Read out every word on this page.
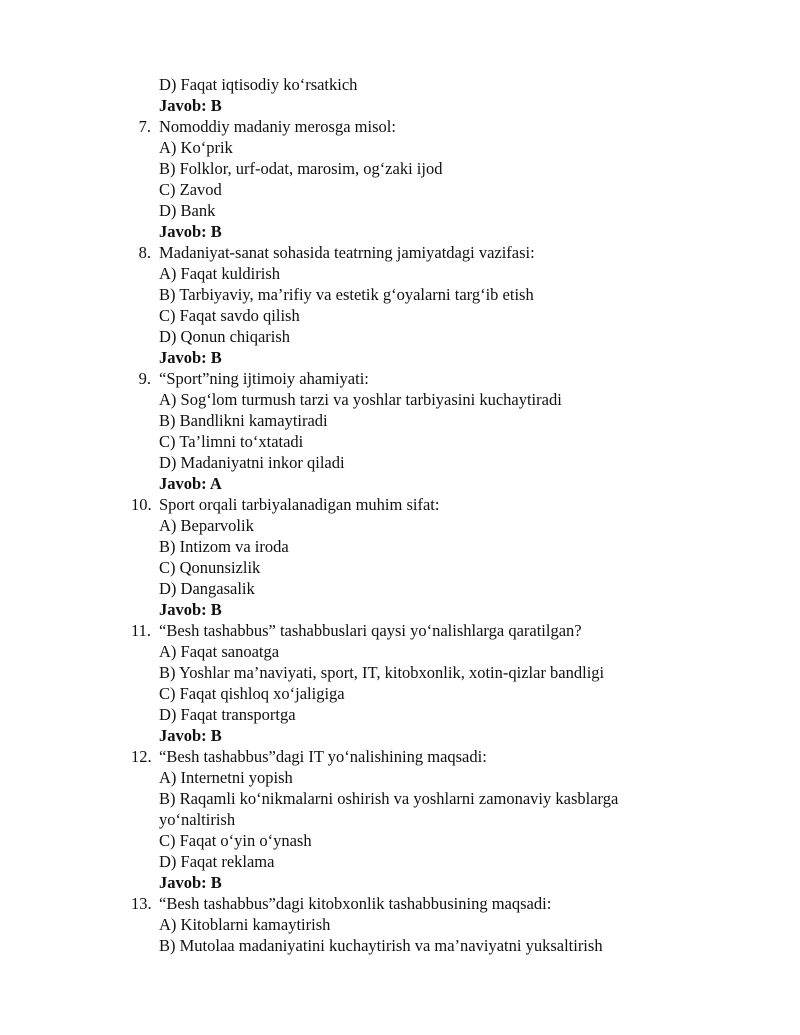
D) Faqat iqtisodiy ko‘rsatkich
Javob: B
7. Nomoddiy madaniy merosga misol:
A) Ko‘prik
B) Folklor, urf-odat, marosim, og‘zaki ijod
C) Zavod
D) Bank
Javob: B
8. Madaniyat-sanat sohasida teatrning jamiyatdagi vazifasi:
A) Faqat kuldirish
B) Tarbiyaviy, ma’rifiy va estetik g‘oyalarni targ‘ib etish
C) Faqat savdo qilish
D) Qonun chiqarish
Javob: B
9. “Sport”ning ijtimoiy ahamiyati:
A) Sog‘lom turmush tarzi va yoshlar tarbiyasini kuchaytiradi
B) Bandlikni kamaytiradi
C) Ta’limni to‘xtatadi
D) Madaniyatni inkor qiladi
Javob: A
10. Sport orqali tarbiyalanadigan muhim sifat:
A) Beparvolik
B) Intizom va iroda
C) Qonunsizlik
D) Dangasalik
Javob: B
11. “Besh tashabbus” tashabbuslari qaysi yo‘nalishlarga qaratilgan?
A) Faqat sanoatga
B) Yoshlar ma’naviyati, sport, IT, kitobxonlik, xotin-qizlar bandligi
C) Faqat qishloq xo‘jaligiga
D) Faqat transportga
Javob: B
12. “Besh tashabbus”dagi IT yo‘nalishining maqsadi:
A) Internetni yopish
B) Raqamli ko‘nikmalarni oshirish va yoshlarni zamonaviy kasblarga
yo‘naltirish
C) Faqat o‘yin o‘ynash
D) Faqat reklama
Javob: B
13. “Besh tashabbus”dagi kitobxonlik tashabbusining maqsadi:
A) Kitoblarni kamaytirish
B) Mutolaa madaniyatini kuchaytirish va ma’naviyatni yuksaltirish
